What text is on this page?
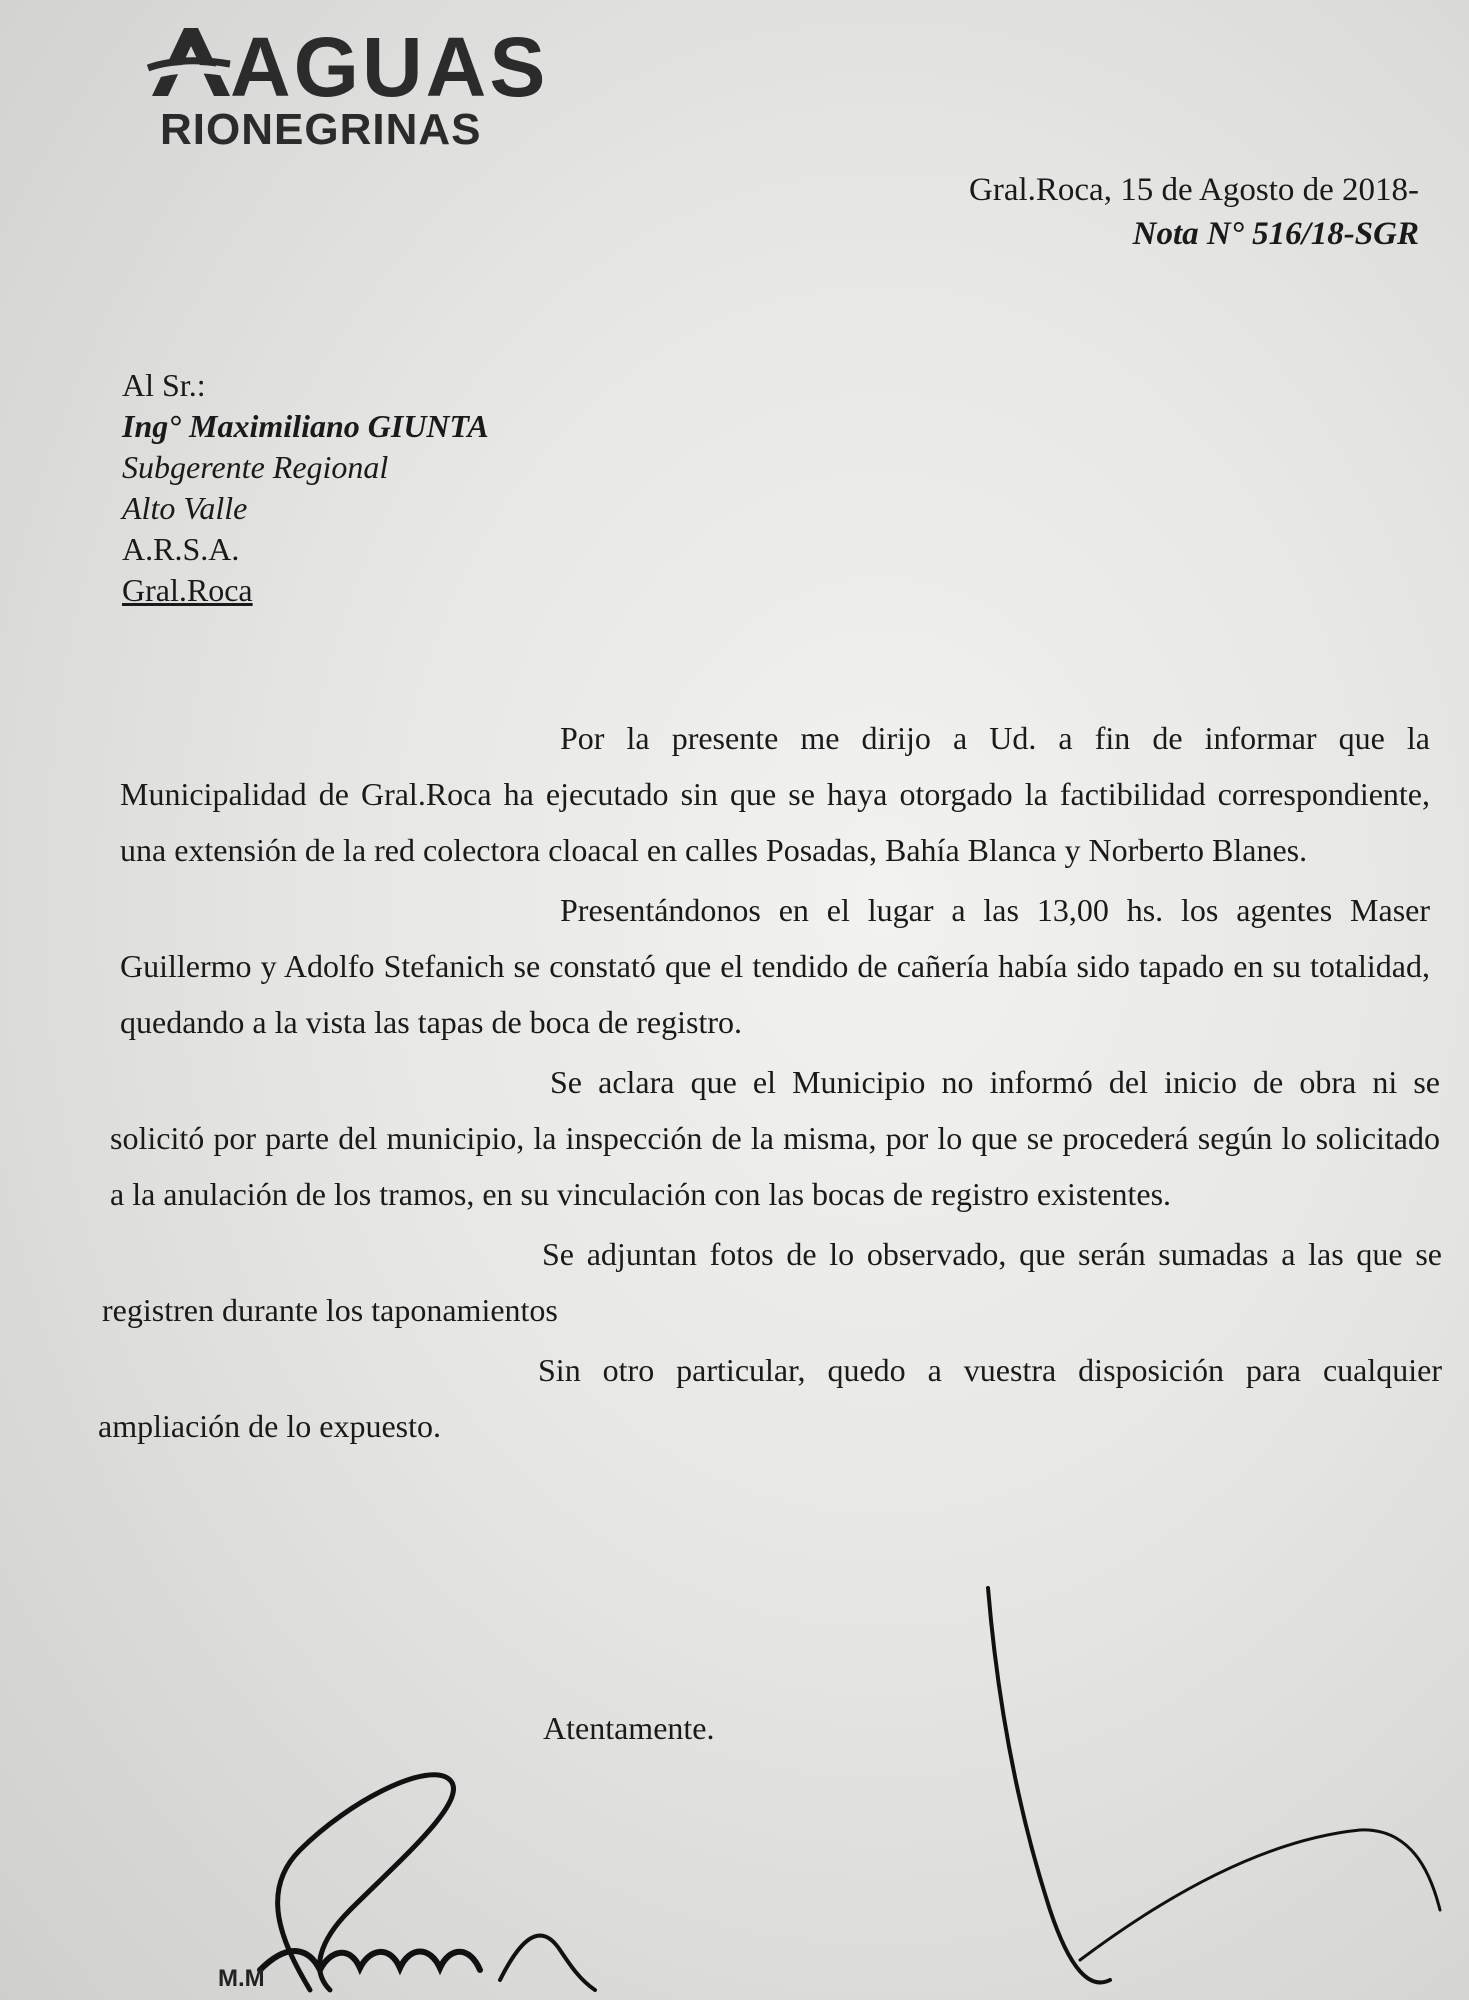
AGUAS
RIONEGRINAS
Gral.Roca, 15 de Agosto de 2018-
Nota N° 516/18-SGR
Al Sr.:
Ing° Maximiliano GIUNTA
Subgerente Regional
Alto Valle
A.R.S.A.
Gral.Roca

Por la presente me dirijo a Ud. a fin de informar que la Municipalidad de Gral.Roca ha ejecutado sin que se haya otorgado la factibilidad correspondiente, una extensión de la red colectora cloacal en calles Posadas, Bahía Blanca y Norberto Blanes.

Presentándonos en el lugar a las 13,00 hs. los agentes Maser Guillermo y Adolfo Stefanich se constató que el tendido de cañería había sido tapado en su totalidad, quedando a la vista las tapas de boca de registro.

Se aclara que el Municipio no informó del inicio de obra ni se solicitó por parte del municipio, la inspección de la misma, por lo que se procederá según lo solicitado a la anulación de los tramos, en su vinculación con las bocas de registro existentes.

Se adjuntan fotos de lo observado, que serán sumadas a las que se registren durante los taponamientos

Sin otro particular, quedo a vuestra disposición para cualquier ampliación de lo expuesto.

Atentamente.
M.M
